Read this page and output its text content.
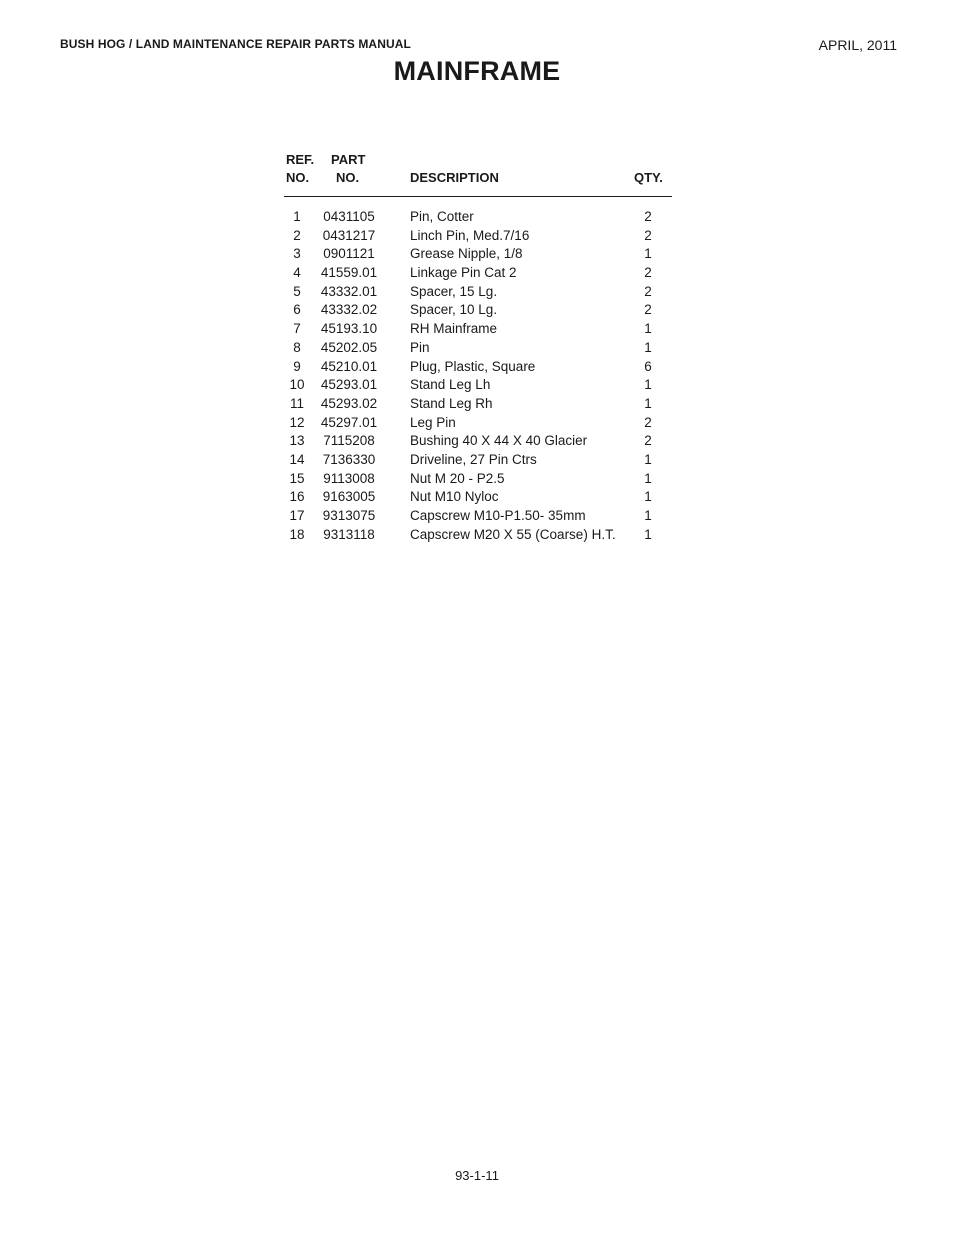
BUSH HOG / LAND MAINTENANCE REPAIR PARTS MANUAL	APRIL, 2011
MAINFRAME
REF. PART
NO. NO.	DESCRIPTION	QTY.
1	0431105	Pin, Cotter	2
2	0431217	Linch Pin, Med.7/16	2
3	0901121	Grease Nipple, 1/8	1
4	41559.01	Linkage Pin Cat 2	2
5	43332.01	Spacer, 15 Lg.	2
6	43332.02	Spacer, 10 Lg.	2
7	45193.10	RH Mainframe	1
8	45202.05	Pin	1
9	45210.01	Plug, Plastic, Square	6
10	45293.01	Stand Leg Lh	1
11	45293.02	Stand Leg Rh	1
12	45297.01	Leg Pin	2
13	7115208	Bushing 40 X 44 X 40 Glacier	2
14	7136330	Driveline, 27 Pin Ctrs	1
15	9113008	Nut M 20 - P2.5	1
16	9163005	Nut M10 Nyloc	1
17	9313075	Capscrew M10-P1.50- 35mm	1
18	9313118	Capscrew M20 X 55 (Coarse) H.T.	1
93-1-11
